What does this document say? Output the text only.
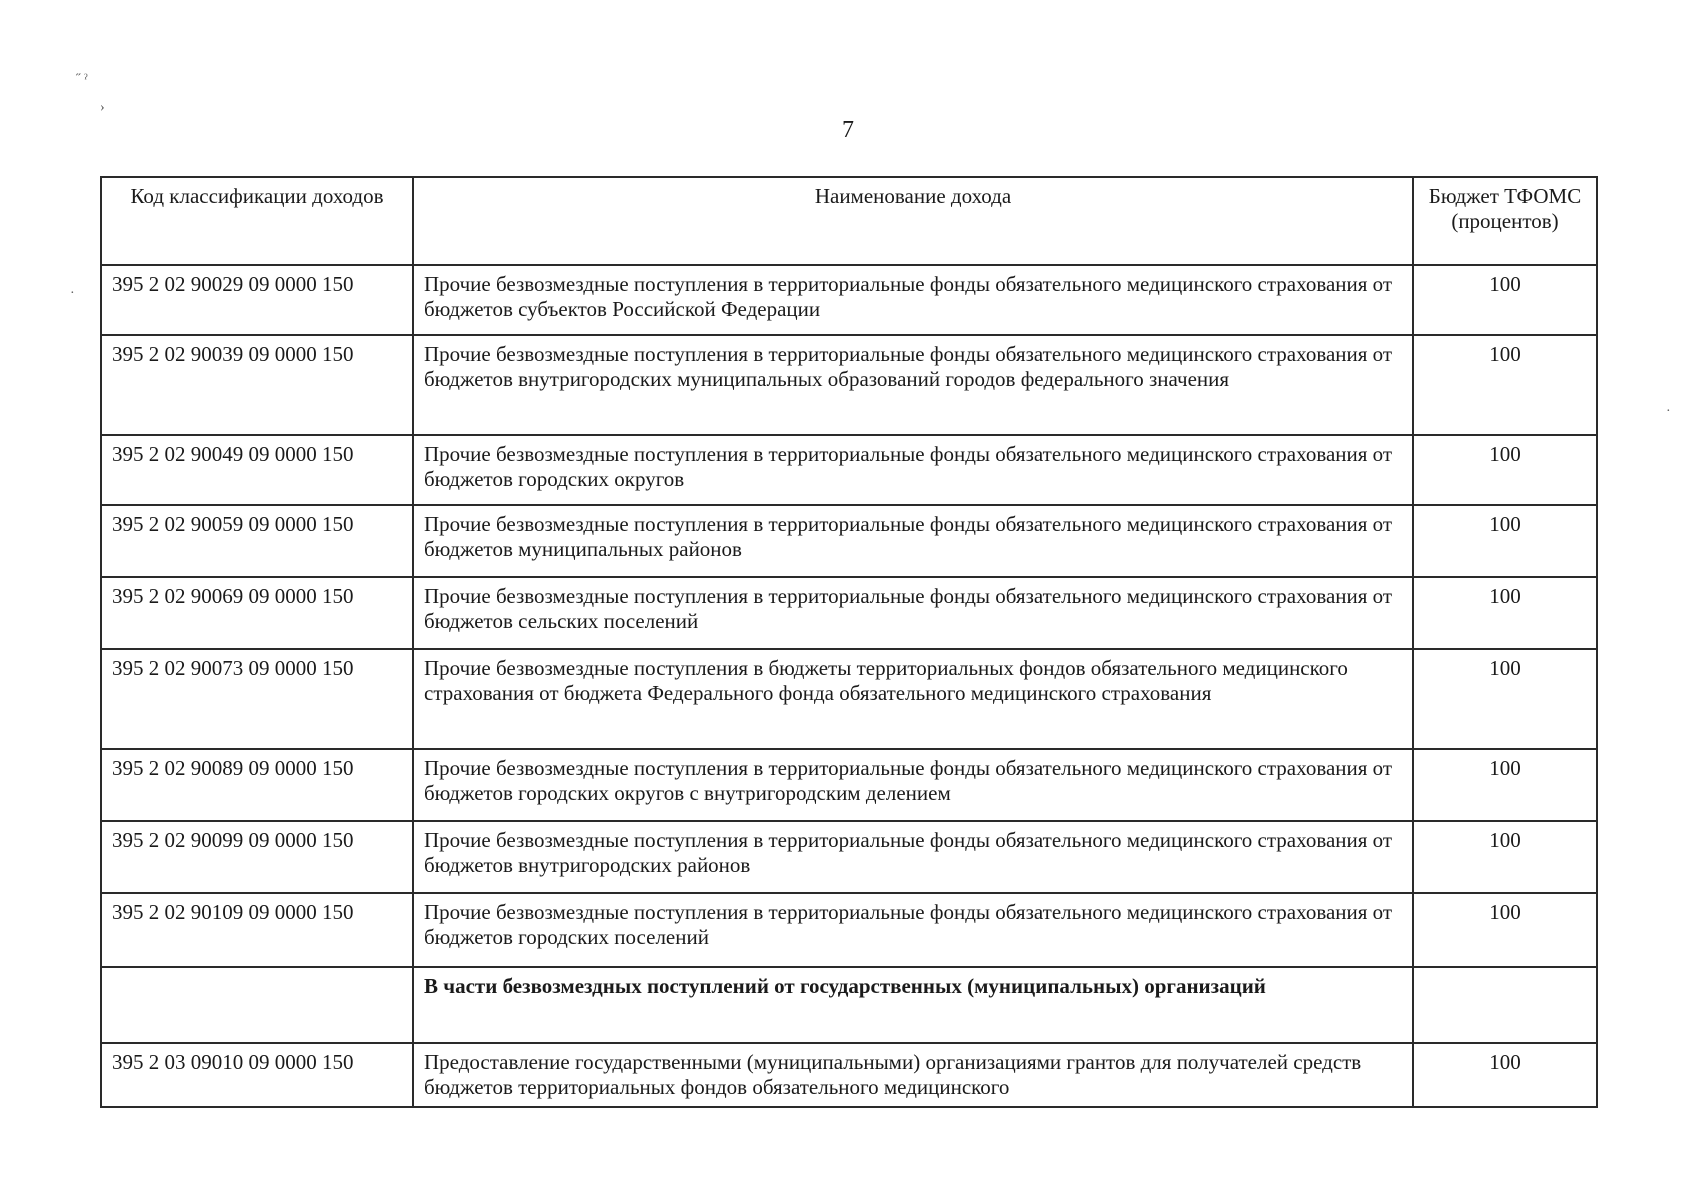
˝ ˀ
›
·
·
7
Код классификации доходов	Наименование дохода	Бюджет ТФОМС (процентов)
395 2 02 90029 09 0000 150	Прочие безвозмездные поступления в территориальные фонды обязательного медицинского страхования от бюджетов субъектов Российской Федерации	100
395 2 02 90039 09 0000 150	Прочие безвозмездные поступления в территориальные фонды обязательного медицинского страхования от бюджетов внутригородских муниципальных образований городов федерального значения	100
395 2 02 90049 09 0000 150	Прочие безвозмездные поступления в территориальные фонды обязательного медицинского страхования от бюджетов городских округов	100
395 2 02 90059 09 0000 150	Прочие безвозмездные поступления в территориальные фонды обязательного медицинского страхования от бюджетов муниципальных районов	100
395 2 02 90069 09 0000 150	Прочие безвозмездные поступления в территориальные фонды обязательного медицинского страхования от бюджетов сельских поселений	100
395 2 02 90073 09 0000 150	Прочие безвозмездные поступления в бюджеты территориальных фондов обязательного медицинского страхования от бюджета Федерального фонда обязательного медицинского страхования	100
395 2 02 90089 09 0000 150	Прочие безвозмездные поступления в территориальные фонды обязательного медицинского страхования от бюджетов городских округов с внутригородским делением	100
395 2 02 90099 09 0000 150	Прочие безвозмездные поступления в территориальные фонды обязательного медицинского страхования от бюджетов внутригородских районов	100
395 2 02 90109 09 0000 150	Прочие безвозмездные поступления в территориальные фонды обязательного медицинского страхования от бюджетов городских поселений	100
	В части безвозмездных поступлений от государственных (муниципальных) организаций	
395 2 03 09010 09 0000 150	Предоставление государственными (муниципальными) организациями грантов для получателей средств бюджетов территориальных фондов обязательного медицинского	100
